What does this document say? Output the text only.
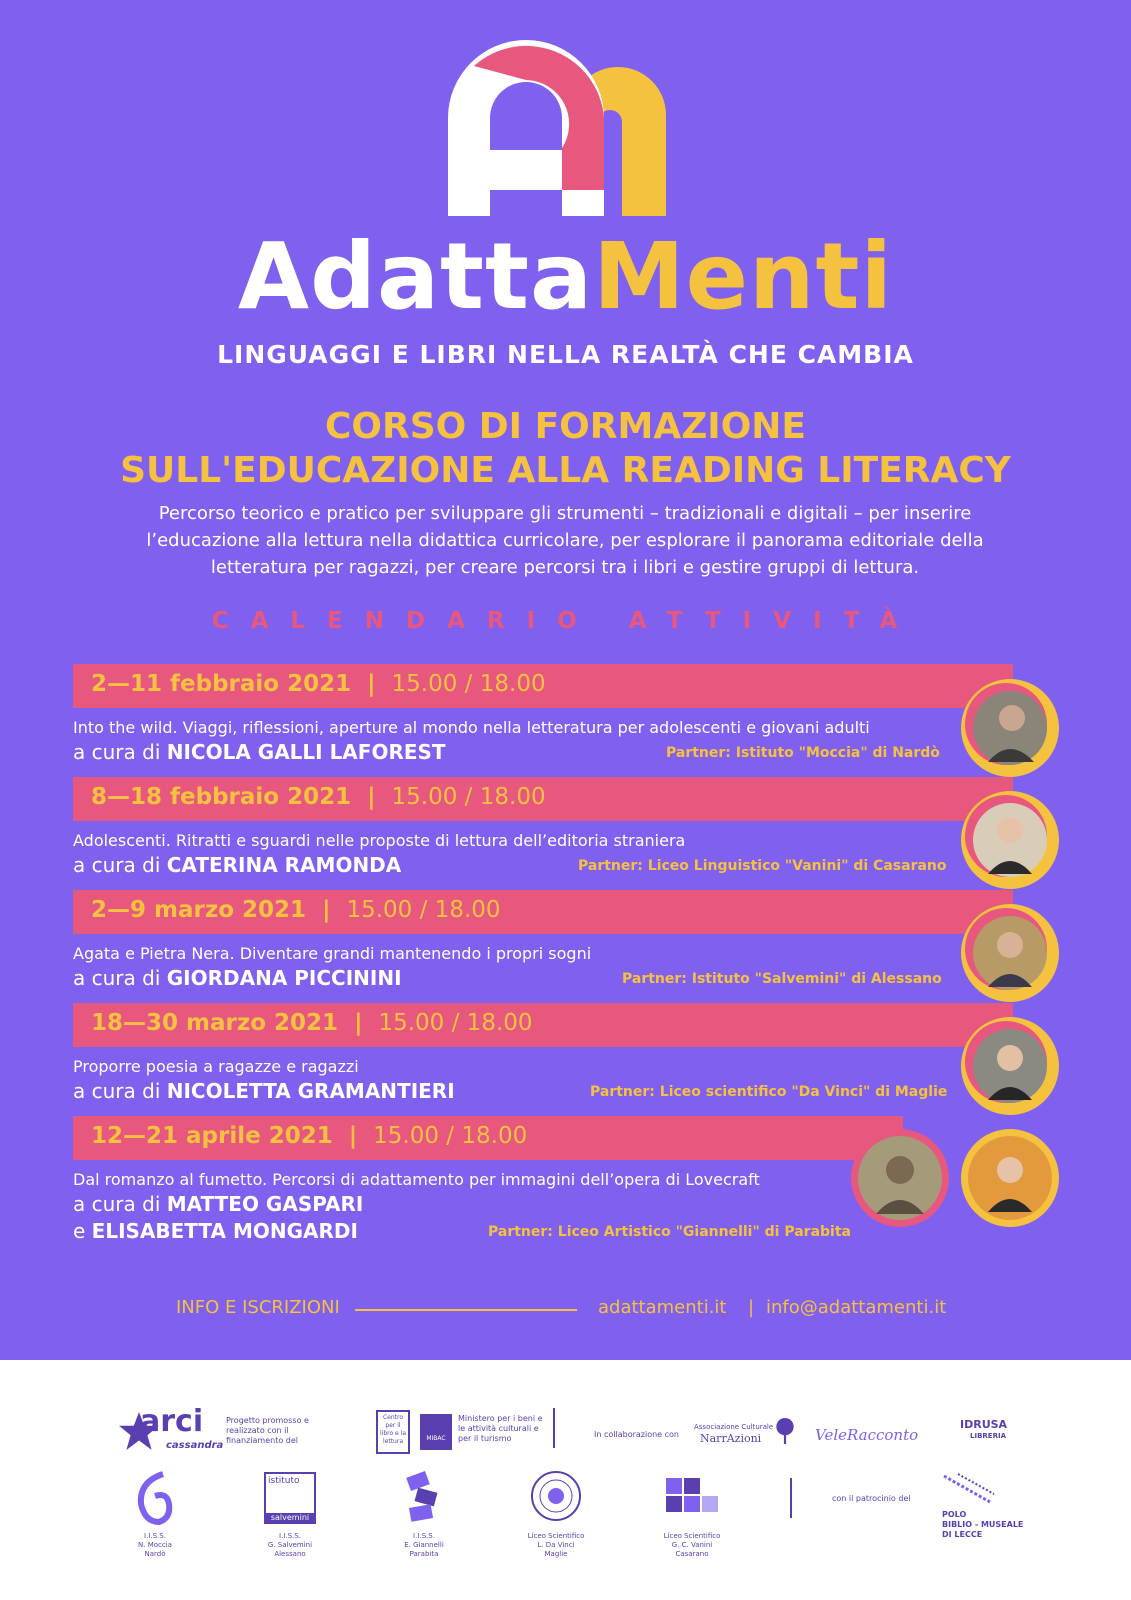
AdattaMenti
LINGUAGGI E LIBRI NELLA REALTÀ CHE CAMBIA
CORSO DI FORMAZIONE
SULL'EDUCAZIONE ALLA READING LITERACY
Percorso teorico e pratico per sviluppare gli strumenti – tradizionali e digitali – per inserire l’educazione alla lettura nella didattica curricolare, per esplorare il panorama editoriale della letteratura per ragazzi, per creare percorsi tra i libri e gestire gruppi di lettura.
CALENDARIO ATTIVITÀ
2—11 febbraio 2021 | 15.00 / 18.00
Into the wild. Viaggi, riflessioni, aperture al mondo nella letteratura per adolescenti e giovani adulti
a cura di NICOLA GALLI LAFOREST	Partner: Istituto "Moccia" di Nardò
8—18 febbraio 2021 | 15.00 / 18.00
Adolescenti. Ritratti e sguardi nelle proposte di lettura dell’editoria straniera
a cura di CATERINA RAMONDA	Partner: Liceo Linguistico "Vanini" di Casarano
2—9 marzo 2021 | 15.00 / 18.00
Agata e Pietra Nera. Diventare grandi mantenendo i propri sogni
a cura di GIORDANA PICCININI	Partner: Istituto "Salvemini" di Alessano
18—30 marzo 2021 | 15.00 / 18.00
Proporre poesia a ragazze e ragazzi
a cura di NICOLETTA GRAMANTIERI	Partner: Liceo scientifico "Da Vinci" di Maglie
12—21 aprile 2021 | 15.00 / 18.00
Dal romanzo al fumetto. Percorsi di adattamento per immagini dell’opera di Lovecraft
a cura di MATTEO GASPARI
e ELISABETTA MONGARDI	Partner: Liceo Artistico "Giannelli" di Parabita
INFO E ISCRIZIONI	adattamenti.it | info@adattamenti.it
arci
cassandra
Progetto promosso e realizzato con il finanziamento del
Centro per il libro e la lettura	MIBAC
Ministero per i beni e le attività culturali e per il turismo	In collaborazione con
Associazione Culturale
NarrAzioni	VeleRacconto
IDRUSA
LIBRERIA
I.I.S.S.
N. Moccia
Nardò
istituto
salvemini
I.I.S.S.
G. Salvemini
Alessano
I.I.S.S.
E. Giannelli
Parabita
Liceo Scientifico
L. Da Vinci
Maglie
Liceo Scientifico
G. C. Vanini
Casarano
con il patrocinio del
POLO
BIBLIO - MUSEALE
DI LECCE
